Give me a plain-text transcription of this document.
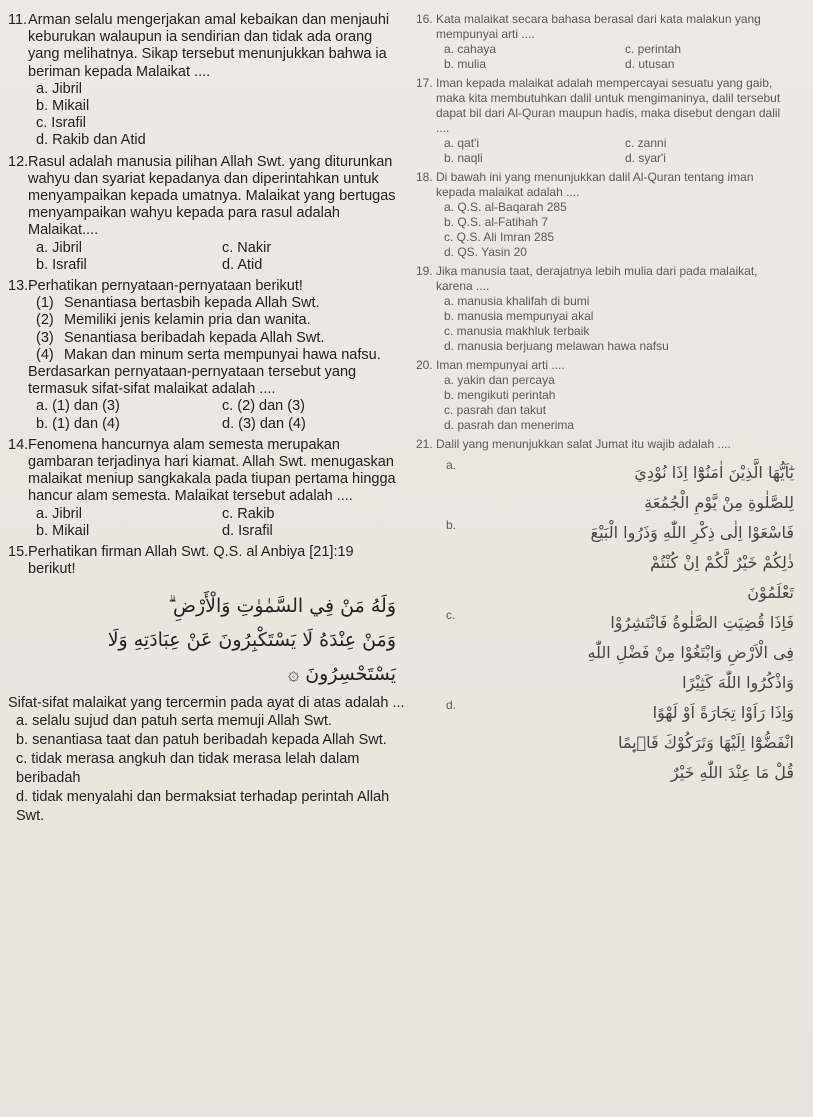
11.Arman selalu mengerjakan amal kebaikan dan menjauhi keburukan walaupun ia sendirian dan tidak ada orang yang melihatnya. Sikap tersebut menunjukkan bahwa ia beriman kepada Malaikat ....
a. Jibril
b. Mikail
c. Israfil
d. Rakib dan Atid
12.Rasul adalah manusia pilihan Allah Swt. yang diturunkan wahyu dan syariat kepadanya dan diperintahkan untuk menyampaikan kepada umatnya. Malaikat yang bertugas menyampaikan wahyu kepada para rasul adalah Malaikat....
a. Jibril	c. Nakir
b. Israfil	d. Atid
13.Perhatikan pernyataan-pernyataan berikut!
(1) Senantiasa bertasbih kepada Allah Swt.
(2) Memiliki jenis kelamin pria dan wanita.
(3) Senantiasa beribadah kepada Allah Swt.
(4) Makan dan minum serta mempunyai hawa nafsu.
Berdasarkan pernyataan-pernyataan tersebut yang termasuk sifat-sifat malaikat adalah ....
a. (1) dan (3)	c. (2) dan (3)
b. (1) dan (4)	d. (3) dan (4)
14.Fenomena hancurnya alam semesta merupakan gambaran terjadinya hari kiamat. Allah Swt. menugaskan malaikat meniup sangkakala pada tiupan pertama hingga hancur alam semesta. Malaikat tersebut adalah ....
a. Jibril	c. Rakib
b. Mikail	d. Israfil
15.Perhatikan firman Allah Swt. Q.S. al Anbiya [21]:19 berikut!
وَلَهُ مَنْ فِي السَّمٰوٰتِ وَالْأَرْضِ ۗ
وَمَنْ عِنْدَهُ لَا يَسْتَكْبِرُونَ عَنْ عِبَادَتِهِ وَلَا يَسْتَحْسِرُونَ ۞
Sifat-sifat malaikat yang tercermin pada ayat di atas adalah ...
a. selalu sujud dan patuh serta memuji Allah Swt.
b. senantiasa taat dan patuh beribadah kepada Allah Swt.
c. tidak merasa angkuh dan tidak merasa lelah dalam beribadah
d. tidak menyalahi dan bermaksiat terhadap perintah Allah Swt.
16. Kata malaikat secara bahasa berasal dari kata malakun yang mempunyai arti ....
a. cahaya	c. perintah
b. mulia	d. utusan
17. Iman kepada malaikat adalah mempercayai sesuatu yang gaib, maka kita membutuhkan dalil untuk mengimaninya, dalil tersebut dapat bil dari Al-Quran maupun hadis, maka disebut dengan dalil ....
a. qat'i	c. zanni
b. naqli	d. syar'i
18. Di bawah ini yang menunjukkan dalil Al-Quran tentang iman kepada malaikat adalah ....
a. Q.S. al-Baqarah 285
b. Q.S. al-Fatihah 7
c. Q.S. Ali Imran 285
d. QS. Yasin 20
19. Jika manusia taat, derajatnya lebih mulia dari pada malaikat, karena ....
a. manusia khalifah di bumi
b. manusia mempunyai akal
c. manusia makhluk terbaik
d. manusia berjuang melawan hawa nafsu
20. Iman mempunyai arti ....
a. yakin dan percaya
b. mengikuti perintah
c. pasrah dan takut
d. pasrah dan menerima
21. Dalil yang menunjukkan salat Jumat itu wajib adalah ....
a.	يٰٓاَيُّهَا الَّذِيْنَ اٰمَنُوْٓا اِذَا نُوْدِيَ
لِلصَّلٰوةِ مِنْ يَّوْمِ الْجُمُعَةِ
b.	فَاسْعَوْا اِلٰى ذِكْرِ اللّٰهِ وَذَرُوا الْبَيْعَ
ذٰلِكُمْ خَيْرٌ لَّكُمْ اِنْ كُنْتُمْ
تَعْلَمُوْنَ
c.	فَاِذَا قُضِيَتِ الصَّلٰوةُ فَانْتَشِرُوْا
فِى الْاَرْضِ وَابْتَغُوْا مِنْ فَضْلِ اللّٰهِ
وَاذْكُرُوا اللّٰهَ كَثِيْرًا
d.	وَاِذَا رَاَوْا تِجَارَةً اَوْ لَهْوًا
انْفَضُّوْٓا اِلَيْهَا وَتَرَكُوْكَ قَاۤىِٕمًا
قُلْ مَا عِنْدَ اللّٰهِ خَيْرٌ
